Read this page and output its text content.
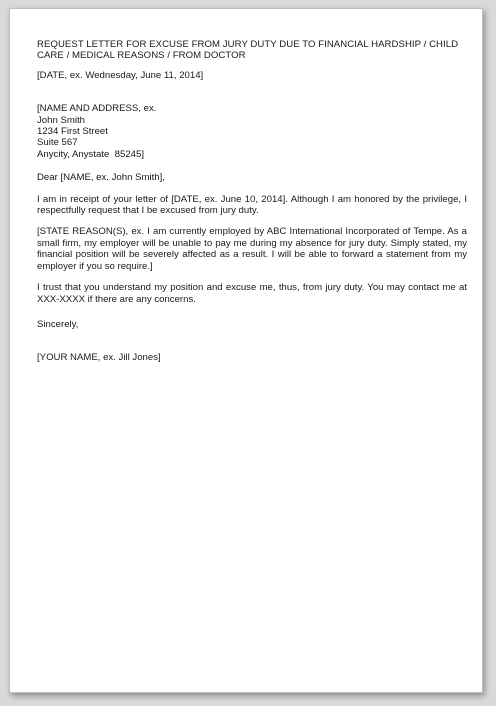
REQUEST LETTER FOR EXCUSE FROM JURY DUTY DUE TO FINANCIAL HARDSHIP / CHILD CARE / MEDICAL REASONS / FROM DOCTOR

[DATE, ex. Wednesday, June 11, 2014]
[NAME AND ADDRESS, ex.
John Smith
1234 First Street
Suite 567
Anycity, Anystate  85245]
Dear [NAME, ex. John Smith],
I am in receipt of your letter of [DATE, ex. June 10, 2014]. Although I am honored by the privilege, I respectfully request that I be excused from jury duty.
[STATE REASON(S), ex. I am currently employed by ABC International Incorporated of Tempe. As a small firm, my employer will be unable to pay me during my absence for jury duty. Simply stated, my financial position will be severely affected as a result. I will be able to forward a statement from my employer if you so require.]
I trust that you understand my position and excuse me, thus, from jury duty. You may contact me at XXX-XXXX if there are any concerns.
Sincerely,
[YOUR NAME, ex. Jill Jones]
